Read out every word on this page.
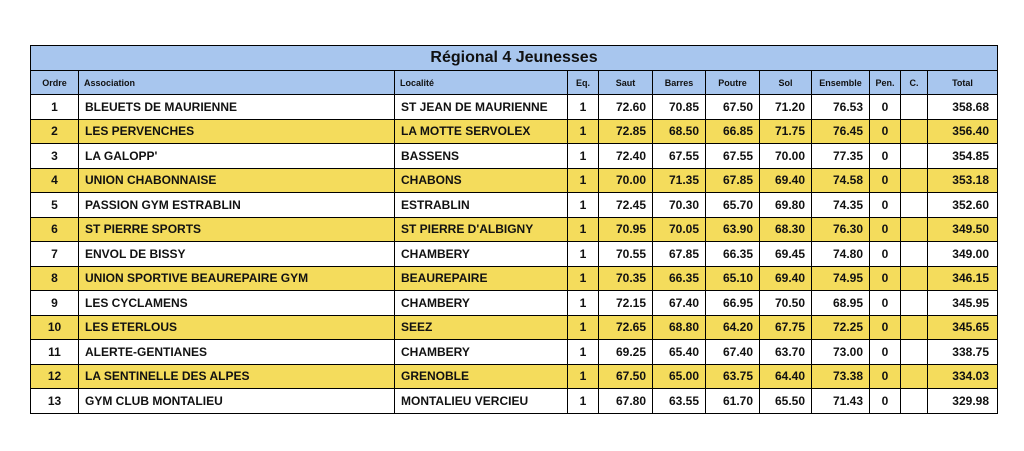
Régional 4 Jeunesses											
Ordre	Association	Localité	Eq.	Saut	Barres	Poutre	Sol	Ensemble	Pen.	C.	Total
1	BLEUETS DE MAURIENNE	ST JEAN DE MAURIENNE	1	72.60	70.85	67.50	71.20	76.53	0		358.68
2	LES PERVENCHES	LA MOTTE SERVOLEX	1	72.85	68.50	66.85	71.75	76.45	0		356.40
3	LA GALOPP'	BASSENS	1	72.40	67.55	67.55	70.00	77.35	0		354.85
4	UNION CHABONNAISE	CHABONS	1	70.00	71.35	67.85	69.40	74.58	0		353.18
5	PASSION GYM ESTRABLIN	ESTRABLIN	1	72.45	70.30	65.70	69.80	74.35	0		352.60
6	ST PIERRE SPORTS	ST PIERRE D'ALBIGNY	1	70.95	70.05	63.90	68.30	76.30	0		349.50
7	ENVOL DE BISSY	CHAMBERY	1	70.55	67.85	66.35	69.45	74.80	0		349.00
8	UNION SPORTIVE BEAUREPAIRE GYM	BEAUREPAIRE	1	70.35	66.35	65.10	69.40	74.95	0		346.15
9	LES CYCLAMENS	CHAMBERY	1	72.15	67.40	66.95	70.50	68.95	0		345.95
10	LES ETERLOUS	SEEZ	1	72.65	68.80	64.20	67.75	72.25	0		345.65
11	ALERTE-GENTIANES	CHAMBERY	1	69.25	65.40	67.40	63.70	73.00	0		338.75
12	LA SENTINELLE DES ALPES	GRENOBLE	1	67.50	65.00	63.75	64.40	73.38	0		334.03
13	GYM CLUB MONTALIEU	MONTALIEU VERCIEU	1	67.80	63.55	61.70	65.50	71.43	0		329.98
